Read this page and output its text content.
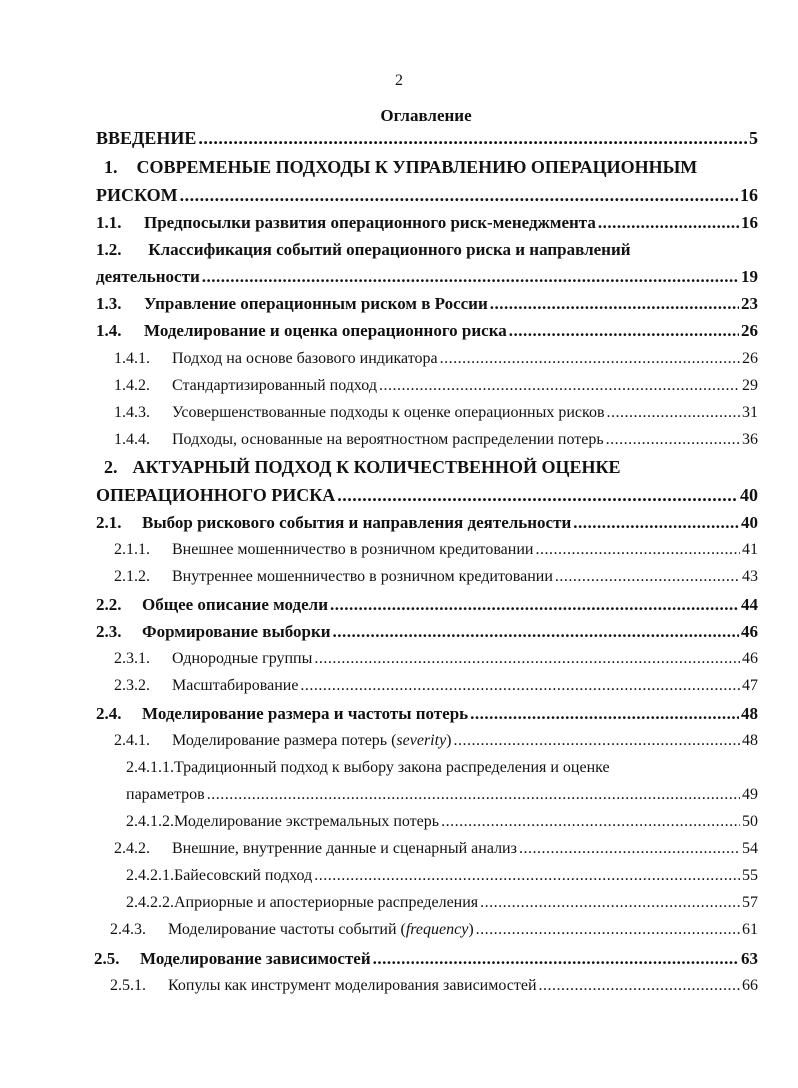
2
Оглавление
ВВЕДЕНИЕ .....	5
1. СОВРЕМЕНЫЕ ПОДХОДЫ К УПРАВЛЕНИЮ ОПЕРАЦИОННЫМ
РИСКОМ .....	16
1.1. Предпосылки развития операционного риск-менеджмента .....	16
1.2. Классификация событий операционного риска и направлений
деятельности .....	19
1.3. Управление операционным риском в России .....	23
1.4. Моделирование и оценка операционного риска .....	26
1.4.1. Подход на основе базового индикатора .....	26
1.4.2. Стандартизированный подход .....	29
1.4.3. Усовершенствованные подходы к оценке операционных рисков .....	31
1.4.4. Подходы, основанные на вероятностном распределении потерь .....	36
2. АКТУАРНЫЙ ПОДХОД К КОЛИЧЕСТВЕННОЙ ОЦЕНКЕ
ОПЕРАЦИОННОГО РИСКА .....	40
2.1. Выбор рискового события и направления деятельности .....	40
2.1.1. Внешнее мошенничество в розничном кредитовании .....	41
2.1.2. Внутреннее мошенничество в розничном кредитовании .....	43
2.2. Общее описание модели .....	44
2.3. Формирование выборки .....	46
2.3.1. Однородные группы .....	46
2.3.2. Масштабирование .....	47
2.4. Моделирование размера и частоты потерь .....	48
2.4.1. Моделирование размера потерь (severity) .....	48
2.4.1.1.Традиционный подход к выбору закона распределения и оценке
параметров .....	49
2.4.1.2.Моделирование экстремальных потерь .....	50
2.4.2. Внешние, внутренние данные и сценарный анализ .....	54
2.4.2.1.Байесовский подход .....	55
2.4.2.2.Априорные и апостериорные распределения .....	57
2.4.3. Моделирование частоты событий (frequency) .....	61
2.5. Моделирование зависимостей .....	63
2.5.1. Копулы как инструмент моделирования зависимостей .....	66
